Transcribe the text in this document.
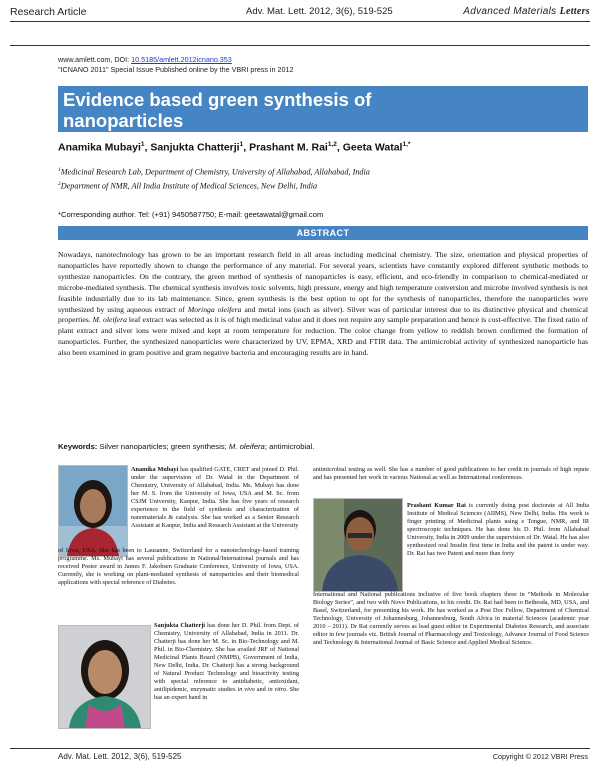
Research Article	Adv. Mat. Lett. 2012, 3(6), 519-525	Advanced Materials Letters
www.amlett.com, DOI: 10.5185/amlett.2012icnano.353
"ICNANO 2011" Special Issue Published online by the VBRI press in 2012
Evidence based green synthesis of nanoparticles
Anamika Mubayi$^1$, Sanjukta Chatterji$^1$, Prashant M. Rai$^{1,2}$, Geeta Watal$^{1,*}$
$^1$Medicinal Research Lab, Department of Chemistry, University of Allahabad, Allahabad, India
$^2$Department of NMR, All India Institute of Medical Sciences, New Delhi, India
*Corresponding author. Tel: (+91) 9450587750; E-mail: geetawatal@gmail.com
ABSTRACT
Nowadays, nanotechnology has grown to be an important research field in all areas including medicinal chemistry. The size, orientation and physical properties of nanoparticles have reportedly shown to change the performance of any material. For several years, scientists have constantly explored different synthetic methods to synthesize nanoparticles. On the contrary, the green method of synthesis of nanoparticles is easy, efficient, and eco-friendly in comparison to chemical-mediated or microbe-mediated synthesis. The chemical synthesis involves toxic solvents, high pressure, energy and high temperature conversion and microbe involved synthesis is not feasible industrially due to its lab maintenance. Since, green synthesis is the best option to opt for the synthesis of nanoparticles, therefore the nanoparticles were synthesized by using aqueous extract of Moringa oleifera and metal ions (such as silver). Silver was of particular interest due to its distinctive physical and chemical properties. M. oleifera leaf extract was selected as it is of high medicinal value and it does not require any sample preparation and hence is cost-effective. The fixed ratio of plant extract and silver ions were mixed and kept at room temperature for reduction. The color change from yellow to reddish brown confirmed the formation of nanoparticles. Further, the synthesized nanoparticles were characterized by UV, EPMA, XRD and FTIR data. The antimicrobial activity of synthesized nanoparticle has also been examined in gram positive and gram negative bacteria and encouraging results are in hand.
Keywords: Silver nanoparticles; green synthesis; M. oleifera; antimicrobial.
Anamika Mubayi has qualified GATE, CRET and joined D. Phil. under the supervision of Dr. Watal in the Department of Chemistry, University of Allahabad, India. Ms. Mubayi has done her M. S. from the University of Iowa, USA and M. Sc. from CSJM University, Kanpur, India. She has five years of research experience in the field of synthesis and characterization of nanomaterials & catalysis. She has worked as a Senior Research Assistant at Kanpur, India and Research Assistant at the University
of Iowa, USA. She has been to Lausanne, Switzerland for a nanotechnology-based training programme. Ms. Mubayi has several publications in National/International journals and has received Poster award in James F. Jakobsen Graduate Conference, University of Iowa, USA. Currently, she is working on plant-mediated synthesis of nanoparticles and their biomedical applications with special reference of Diabetes.
Sanjukta Chatterji has done her D. Phil. from Dept. of Chemistry, University of Allahabad, India in 2011. Dr. Chatterji has done her M. Sc. in Bio-Technology and M. Phil. in Bio-Chemistry. She has availed JRF of National Medicinal Plants Board (NMPB), Government of India, New Delhi, India. Dr. Chatterji has a strong background of Natural Product Technology and bioactivity testing with special reference to antidiabetic, antioxidant, antilipidemic, enzymatic studies in vivo and in vitro. She has an expert hand in
antimicrobial testing as well. She has a number of good publications to her credit in journals of high repute and has presented her work in various National as well as International conferences.
Prashant Kumar Rai is currently doing post doctorate at All India Institute of Medical Sciences (AIIMS), New Delhi, India. His work is finger printing of Medicinal plants using e Tongue, NMR, and IR spectroscopic techniques. He has done his D. Phil. from Allahabad University, India in 2009 under the supervision of Dr. Watal. He has also synthesized oral Insulin first time in India and the patent is under way. Dr. Rai has two Patent and more than forty
International and National publications inclusive of five book chapters three in “Methods in Molecular Biology Series”, and two with Novo Publications, to his credit. Dr. Rai had been to Bethesda, MD, USA, and Basel, Switzerland, for presenting his work. He has worked as a Post Doc Fellow, Department of Chemical Technology, University of Johannesburg, Johannesburg, South Africa in material Sciences (academic year 2010 – 2011). Dr Rai currently serves as lead guest editor in Experimental Diabetes Research, and associate editor in few journals viz. British Journal of Pharmacology and Toxicology, Advance Journal of Food Science and Technology & International Journal of Basic Science and Applied Medical Science.
Adv. Mat. Lett. 2012, 3(6), 519-525	Copyright © 2012 VBRI Press
